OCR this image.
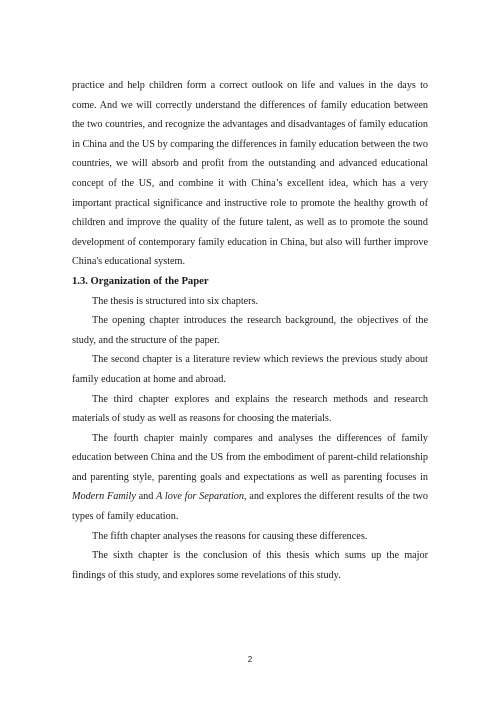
practice and help children form a correct outlook on life and values in the days to come. And we will correctly understand the differences of family education between the two countries, and recognize the advantages and disadvantages of family education in China and the US by comparing the differences in family education between the two countries, we will absorb and profit from the outstanding and advanced educational concept of the US, and combine it with China’s excellent idea, which has a very important practical significance and instructive role to promote the healthy growth of children and improve the quality of the future talent, as well as to promote the sound development of contemporary family education in China, but also will further improve China's educational system.

1.3. Organization of the Paper

The thesis is structured into six chapters.

The opening chapter introduces the research background, the objectives of the study, and the structure of the paper.

The second chapter is a literature review which reviews the previous study about family education at home and abroad.

The third chapter explores and explains the research methods and research materials of study as well as reasons for choosing the materials.

The fourth chapter mainly compares and analyses the differences of family education between China and the US from the embodiment of parent-child relationship and parenting style, parenting goals and expectations as well as parenting focuses in Modern Family and A love for Separation, and explores the different results of the two types of family education.

The fifth chapter analyses the reasons for causing these differences.

The sixth chapter is the conclusion of this thesis which sums up the major findings of this study, and explores some revelations of this study.

2
